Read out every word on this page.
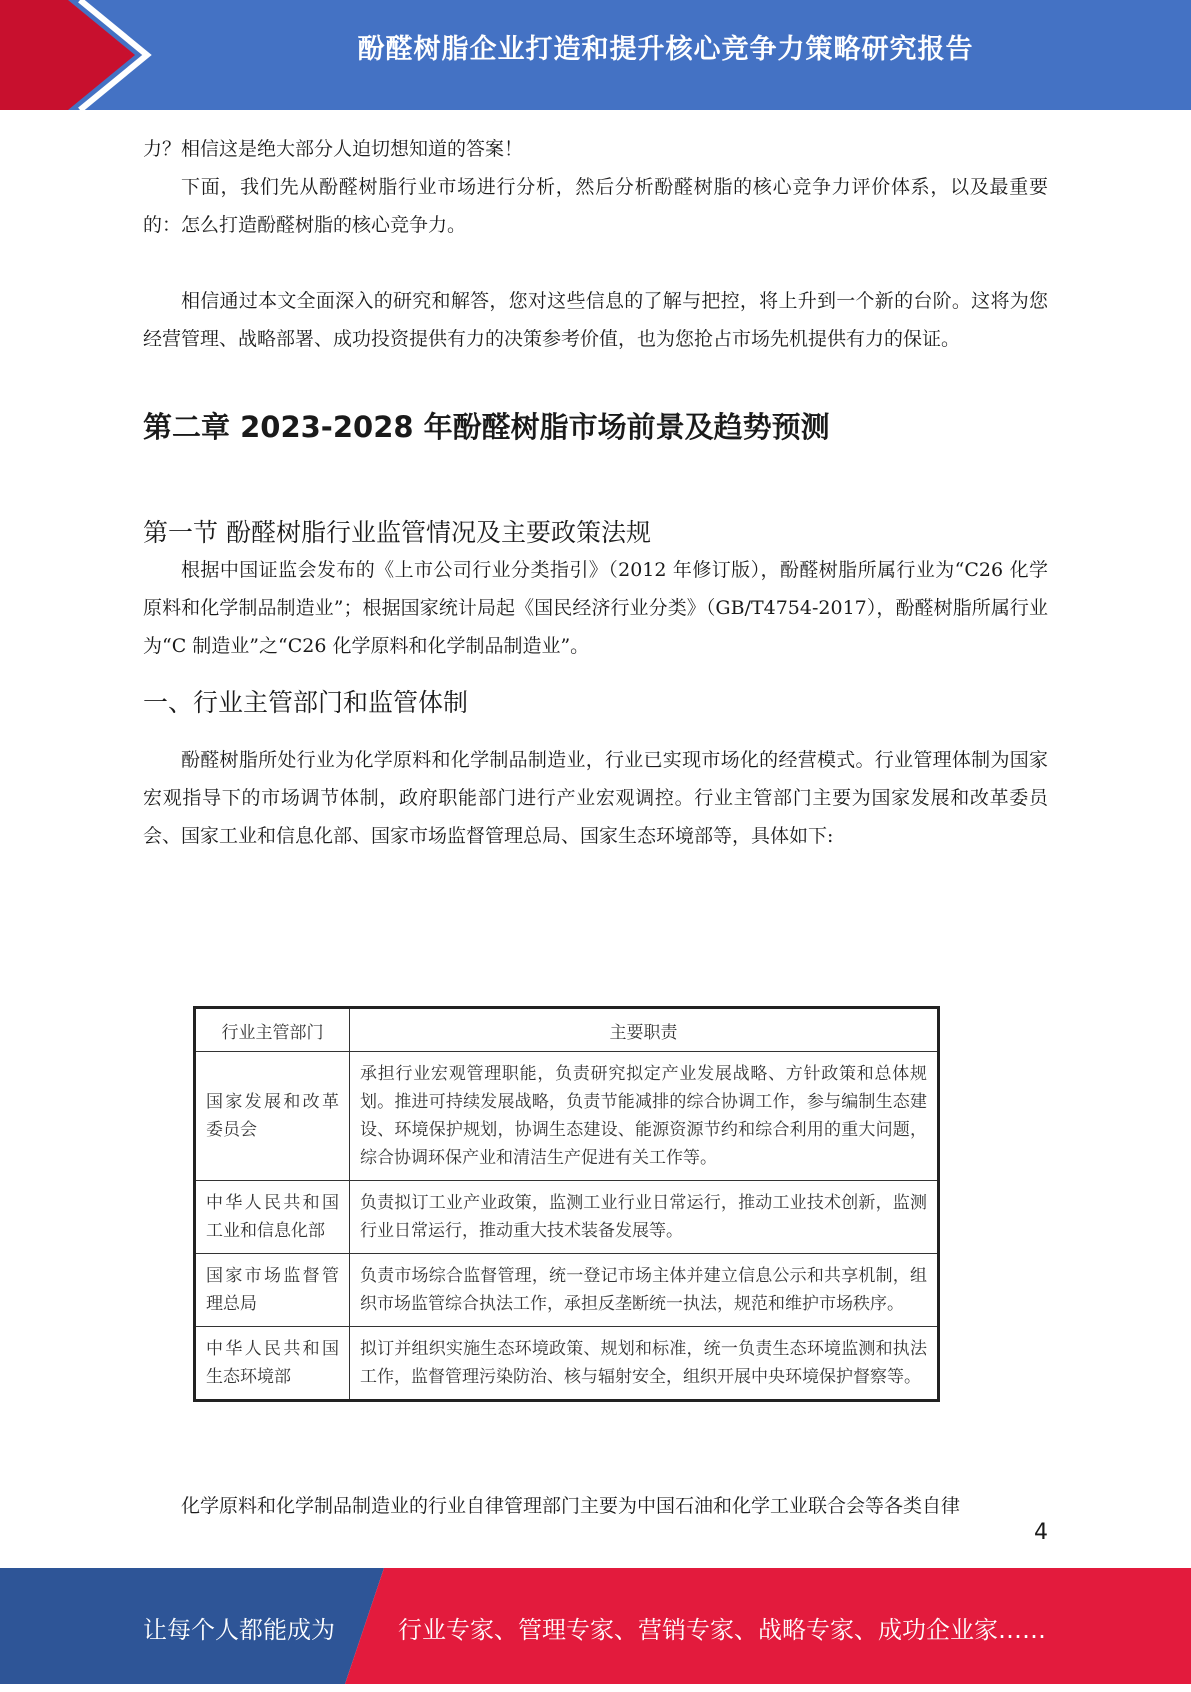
酚醛树脂企业打造和提升核心竞争力策略研究报告

力？相信这是绝大部分人迫切想知道的答案！

下面，我们先从酚醛树脂行业市场进行分析，然后分析酚醛树脂的核心竞争力评价体系，以及最重要的：怎么打造酚醛树脂的核心竞争力。

相信通过本文全面深入的研究和解答，您对这些信息的了解与把控，将上升到一个新的台阶。这将为您经营管理、战略部署、成功投资提供有力的决策参考价值，也为您抢占市场先机提供有力的保证。

第二章 2023-2028 年酚醛树脂市场前景及趋势预测
第一节 酚醛树脂行业监管情况及主要政策法规

根据中国证监会发布的《上市公司行业分类指引》（2012 年修订版），酚醛树脂所属行业为“C26 化学原料和化学制品制造业”；根据国家统计局起《国民经济行业分类》（GB/T4754-2017），酚醛树脂所属行业为“C 制造业”之“C26 化学原料和化学制品制造业”。

一、行业主管部门和监管体制

酚醛树脂所处行业为化学原料和化学制品制造业，行业已实现市场化的经营模式。行业管理体制为国家宏观指导下的市场调节体制，政府职能部门进行产业宏观调控。行业主管部门主要为国家发展和改革委员会、国家工业和信息化部、国家市场监督管理总局、国家生态环境部等，具体如下:

行业主管部门	主要职责
国家发展和改革委员会	承担行业宏观管理职能，负责研究拟定产业发展战略、方针政策和总体规划。推进可持续发展战略，负责节能减排的综合协调工作，参与编制生态建设、环境保护规划，协调生态建设、能源资源节约和综合利用的重大问题，综合协调环保产业和清洁生产促进有关工作等。
中华人民共和国工业和信息化部	负责拟订工业产业政策，监测工业行业日常运行，推动工业技术创新，监测行业日常运行，推动重大技术装备发展等。
国家市场监督管理总局	负责市场综合监督管理，统一登记市场主体并建立信息公示和共享机制，组织市场监管综合执法工作，承担反垄断统一执法，规范和维护市场秩序。
中华人民共和国生态环境部	拟订并组织实施生态环境政策、规划和标准，统一负责生态环境监测和执法工作，监督管理污染防治、核与辐射安全，组织开展中央环境保护督察等。

化学原料和化学制品制造业的行业自律管理部门主要为中国石油和化学工业联合会等各类自律

4
让每个人都能成为	行业专家、管理专家、营销专家、战略专家、成功企业家……
